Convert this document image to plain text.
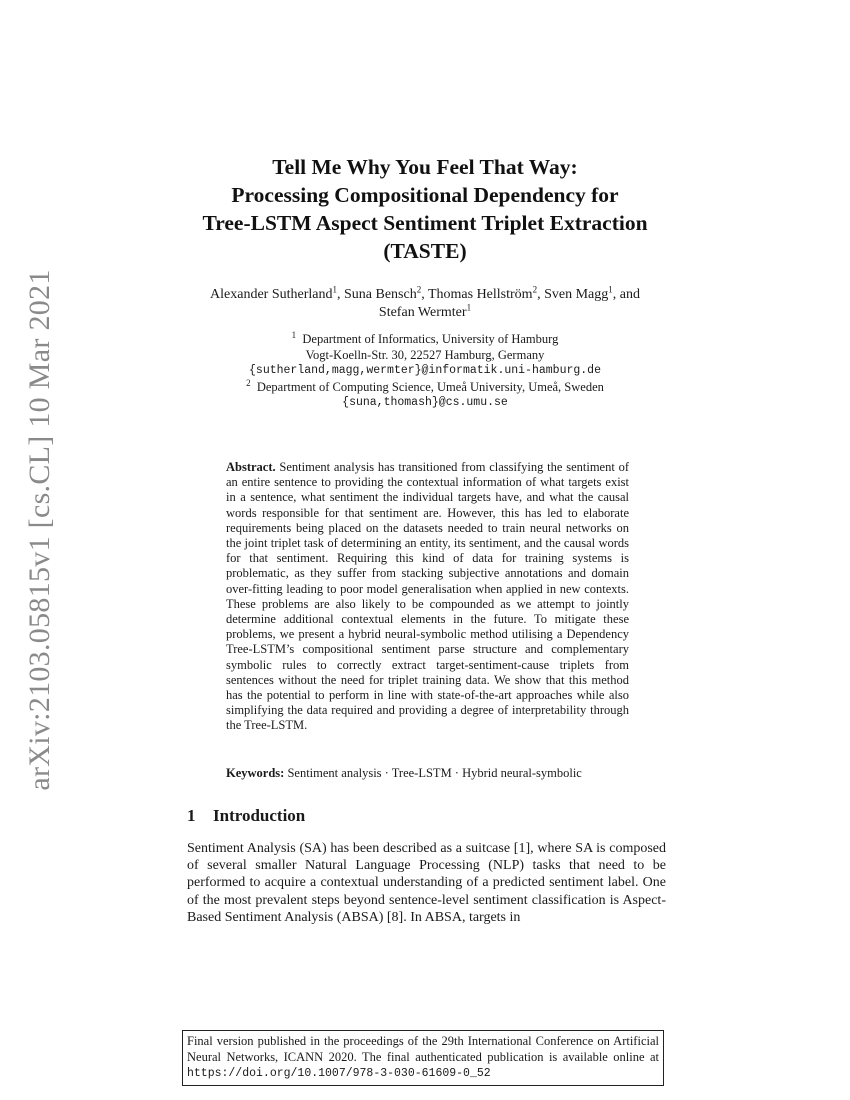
arXiv:2103.05815v1 [cs.CL] 10 Mar 2021
Tell Me Why You Feel That Way:
Processing Compositional Dependency for
Tree-LSTM Aspect Sentiment Triplet Extraction
(TASTE)
Alexander Sutherland$^1$, Suna Bensch$^2$, Thomas Hellström$^2$, Sven Magg$^1$, and
Stefan Wermter$^1$
$^1$ Department of Informatics, University of Hamburg
Vogt-Koelln-Str. 30, 22527 Hamburg, Germany
{sutherland,magg,wermter}@informatik.uni-hamburg.de
$^2$ Department of Computing Science, Umeå University, Umeå, Sweden
{suna,thomash}@cs.umu.se
Abstract. Sentiment analysis has transitioned from classifying the sentiment of an entire sentence to providing the contextual information of what targets exist in a sentence, what sentiment the individual targets have, and what the causal words responsible for that sentiment are. However, this has led to elaborate requirements being placed on the datasets needed to train neural networks on the joint triplet task of determining an entity, its sentiment, and the causal words for that sentiment. Requiring this kind of data for training systems is problematic, as they suffer from stacking subjective annotations and domain over-fitting leading to poor model generalisation when applied in new contexts. These problems are also likely to be compounded as we attempt to jointly determine additional contextual elements in the future. To mitigate these problems, we present a hybrid neural-symbolic method utilising a Dependency Tree-LSTM’s compositional sentiment parse structure and complementary symbolic rules to correctly extract target-sentiment-cause triplets from sentences without the need for triplet training data. We show that this method has the potential to perform in line with state-of-the-art approaches while also simplifying the data required and providing a degree of interpretability through the Tree-LSTM.
Keywords: Sentiment analysis · Tree-LSTM · Hybrid neural-symbolic
1 Introduction
Sentiment Analysis (SA) has been described as a suitcase [1], where SA is composed of several smaller Natural Language Processing (NLP) tasks that need to be performed to acquire a contextual understanding of a predicted sentiment label. One of the most prevalent steps beyond sentence-level sentiment classification is Aspect-Based Sentiment Analysis (ABSA) [8]. In ABSA, targets in
Final version published in the proceedings of the 29th International Conference on Artificial Neural Networks, ICANN 2020. The final authenticated publication is available online at https://doi.org/10.1007/978-3-030-61609-0_52
